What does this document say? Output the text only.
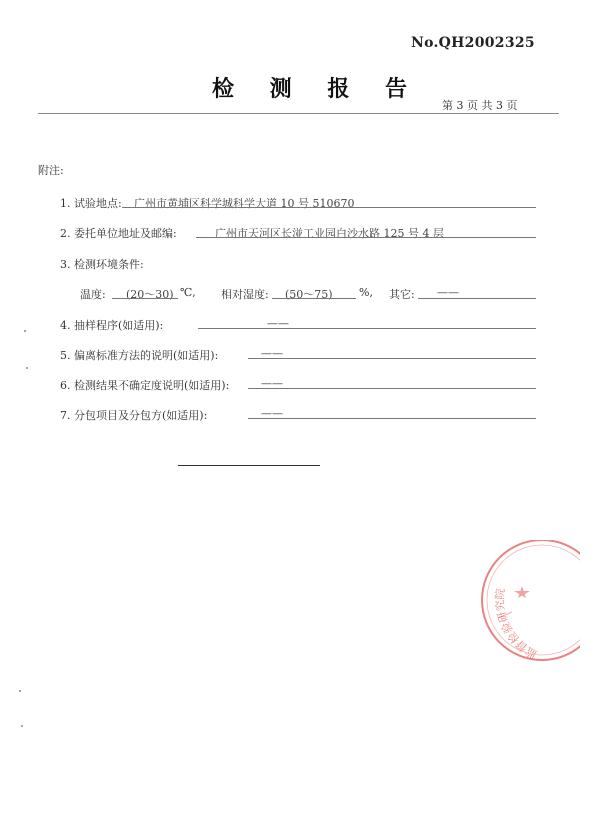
No.QH2002325
检 测 报 告
第 3 页 共 3 页
附注:
1. 试验地点: 广州市黄埔区科学城科学大道 10 号 510670
2. 委托单位地址及邮编:	广州市天河区长湴工业园白沙水路 125 号 4 层
3. 检测环境条件:
温度: (20～30) ℃, 相对湿度: (50～75) %, 其它: ——
4. 抽样程序(如适用):	——
5. 偏离标准方法的说明(如适用):	——
6. 检测结果不确定度说明(如适用):	——
7. 分包项目及分包方(如适用):	——
监督检验研究院
